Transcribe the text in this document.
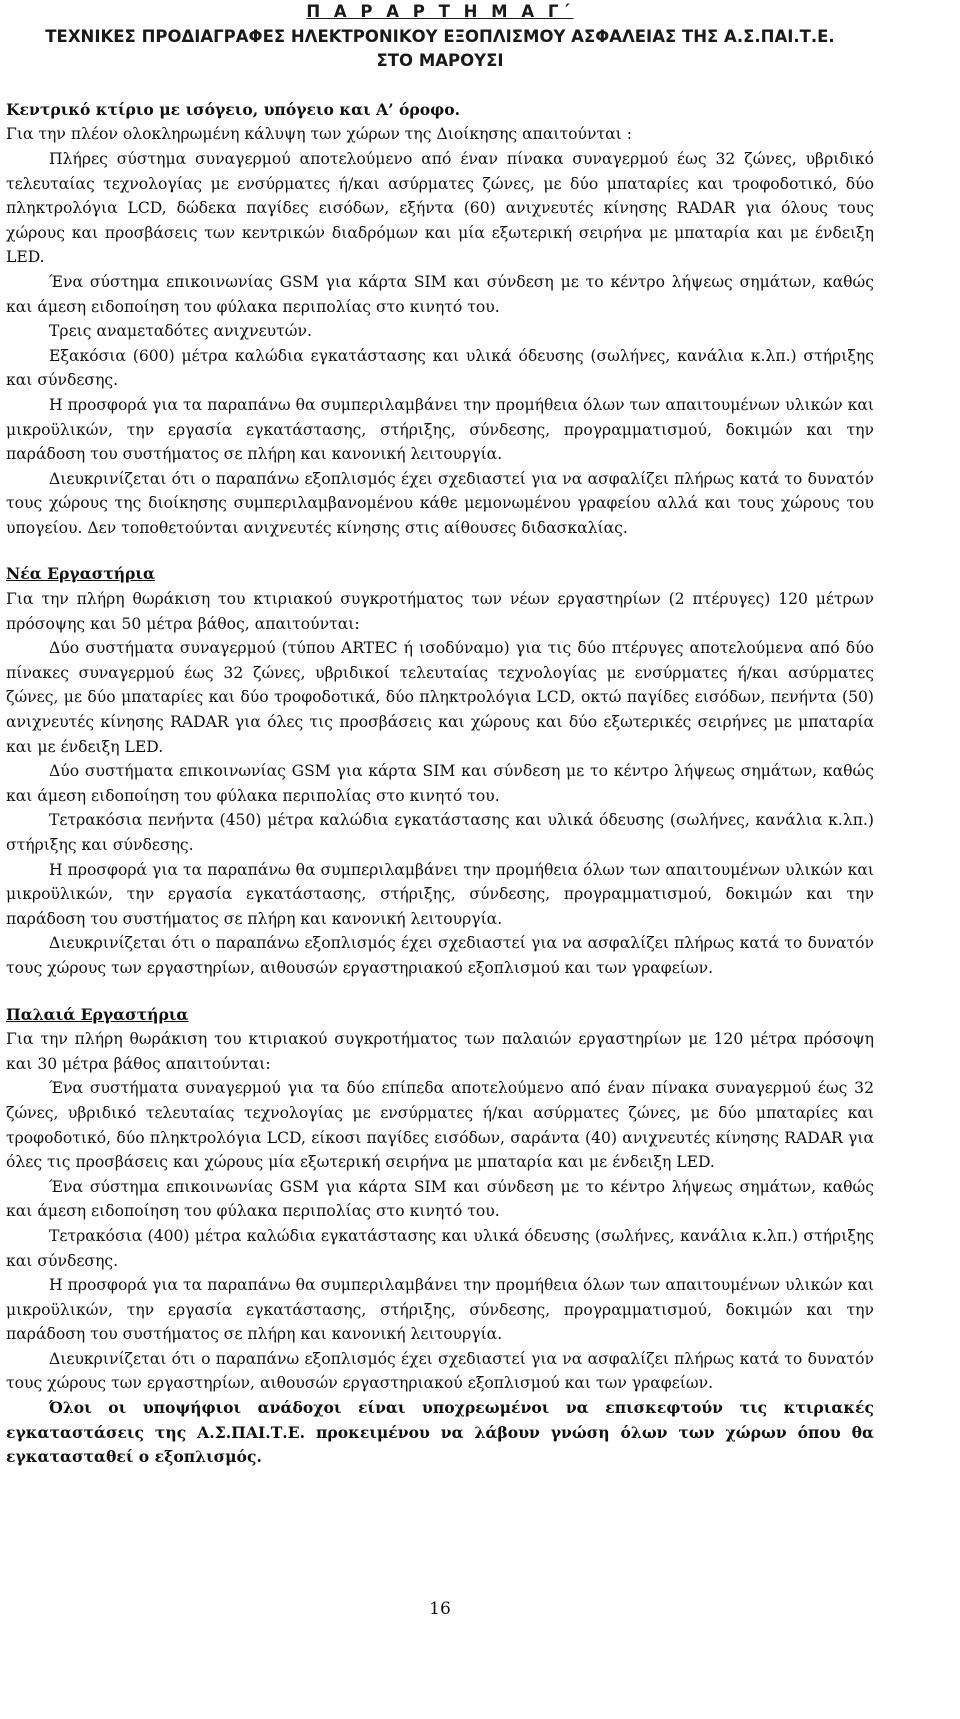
Π Α Ρ Α Ρ Τ Η Μ Α Γ΄

ΤΕΧΝΙΚΕΣ ΠΡΟΔΙΑΓΡΑΦΕΣ ΗΛΕΚΤΡΟΝΙΚΟΥ ΕΞΟΠΛΙΣΜΟΥ ΑΣΦΑΛΕΙΑΣ ΤΗΣ Α.Σ.ΠΑΙ.Τ.Ε.

ΣΤΟ ΜΑΡΟΥΣΙ

Κεντρικό κτίριο με ισόγειο, υπόγειο και Α’ όροφο.

Για την πλέον ολοκληρωμένη κάλυψη των χώρων της Διοίκησης απαιτούνται :

Πλήρες σύστημα συναγερμού αποτελούμενο από έναν πίνακα συναγερμού έως 32 ζώνες, υβριδικό τελευταίας τεχνολογίας με ενσύρματες ή/και ασύρματες ζώνες, με δύο μπαταρίες και τροφοδοτικό, δύο πληκτρολόγια LCD, δώδεκα παγίδες εισόδων, εξήντα (60) ανιχνευτές κίνησης RADAR για όλους τους χώρους και προσβάσεις των κεντρικών διαδρόμων και μία εξωτερική σειρήνα με μπαταρία και με ένδειξη LED.

Ένα σύστημα επικοινωνίας GSM για κάρτα SIM και σύνδεση με το κέντρο λήψεως σημάτων, καθώς και άμεση ειδοποίηση του φύλακα περιπολίας στο κινητό του.

Τρεις αναμεταδότες ανιχνευτών.

Εξακόσια (600) μέτρα καλώδια εγκατάστασης και υλικά όδευσης (σωλήνες, κανάλια κ.λπ.) στήριξης και σύνδεσης.

Η προσφορά για τα παραπάνω θα συμπεριλαμβάνει την προμήθεια όλων των απαιτουμένων υλικών και μικροϋλικών, την εργασία εγκατάστασης, στήριξης, σύνδεσης, προγραμματισμού, δοκιμών και την παράδοση του συστήματος σε πλήρη και κανονική λειτουργία.

Διευκρινίζεται ότι ο παραπάνω εξοπλισμός έχει σχεδιαστεί για να ασφαλίζει πλήρως κατά το δυνατόν τους χώρους της διοίκησης συμπεριλαμβανομένου κάθε μεμονωμένου γραφείου αλλά και τους χώρους του υπογείου. Δεν τοποθετούνται ανιχνευτές κίνησης στις αίθουσες διδασκαλίας.

Νέα Εργαστήρια

Για την πλήρη θωράκιση του κτιριακού συγκροτήματος των νέων εργαστηρίων (2 πτέρυγες) 120 μέτρων πρόσοψης και 50 μέτρα βάθος, απαιτούνται:

Δύο συστήματα συναγερμού (τύπου ARTEC ή ισοδύναμο) για τις δύο πτέρυγες αποτελούμενα από δύο πίνακες συναγερμού έως 32 ζώνες, υβριδικοί τελευταίας τεχνολογίας με ενσύρματες ή/και ασύρματες ζώνες, με δύο μπαταρίες και δύο τροφοδοτικά, δύο πληκτρολόγια LCD, οκτώ παγίδες εισόδων, πενήντα (50) ανιχνευτές κίνησης RADAR για όλες τις προσβάσεις και χώρους και δύο εξωτερικές σειρήνες με μπαταρία και με ένδειξη LED.

Δύο συστήματα επικοινωνίας GSM για κάρτα SIM και σύνδεση με το κέντρο λήψεως σημάτων, καθώς και άμεση ειδοποίηση του φύλακα περιπολίας στο κινητό του.

Τετρακόσια πενήντα (450) μέτρα καλώδια εγκατάστασης και υλικά όδευσης (σωλήνες, κανάλια κ.λπ.) στήριξης και σύνδεσης.

Η προσφορά για τα παραπάνω θα συμπεριλαμβάνει την προμήθεια όλων των απαιτουμένων υλικών και μικροϋλικών, την εργασία εγκατάστασης, στήριξης, σύνδεσης, προγραμματισμού, δοκιμών και την παράδοση του συστήματος σε πλήρη και κανονική λειτουργία.

Διευκρινίζεται ότι ο παραπάνω εξοπλισμός έχει σχεδιαστεί για να ασφαλίζει πλήρως κατά το δυνατόν τους χώρους των εργαστηρίων, αιθουσών εργαστηριακού εξοπλισμού και των γραφείων.

Παλαιά Εργαστήρια

Για την πλήρη θωράκιση του κτιριακού συγκροτήματος των παλαιών εργαστηρίων με 120 μέτρα πρόσοψη και 30 μέτρα βάθος απαιτούνται:

Ένα συστήματα συναγερμού για τα δύο επίπεδα αποτελούμενο από έναν πίνακα συναγερμού έως 32 ζώνες, υβριδικό τελευταίας τεχνολογίας με ενσύρματες ή/και ασύρματες ζώνες, με δύο μπαταρίες και τροφοδοτικό, δύο πληκτρολόγια LCD, είκοσι παγίδες εισόδων, σαράντα (40) ανιχνευτές κίνησης RADAR για όλες τις προσβάσεις και χώρους μία εξωτερική σειρήνα με μπαταρία και με ένδειξη LED.

Ένα σύστημα επικοινωνίας GSM για κάρτα SIM και σύνδεση με το κέντρο λήψεως σημάτων, καθώς και άμεση ειδοποίηση του φύλακα περιπολίας στο κινητό του.

Τετρακόσια (400) μέτρα καλώδια εγκατάστασης και υλικά όδευσης (σωλήνες, κανάλια κ.λπ.) στήριξης και σύνδεσης.

Η προσφορά για τα παραπάνω θα συμπεριλαμβάνει την προμήθεια όλων των απαιτουμένων υλικών και μικροϋλικών, την εργασία εγκατάστασης, στήριξης, σύνδεσης, προγραμματισμού, δοκιμών και την παράδοση του συστήματος σε πλήρη και κανονική λειτουργία.

Διευκρινίζεται ότι ο παραπάνω εξοπλισμός έχει σχεδιαστεί για να ασφαλίζει πλήρως κατά το δυνατόν τους χώρους των εργαστηρίων, αιθουσών εργαστηριακού εξοπλισμού και των γραφείων.

Όλοι οι υποψήφιοι ανάδοχοι είναι υποχρεωμένοι να επισκεφτούν τις κτιριακές εγκαταστάσεις της Α.Σ.ΠΑΙ.Τ.Ε. προκειμένου να λάβουν γνώση όλων των χώρων όπου θα εγκατασταθεί ο εξοπλισμός.

16
